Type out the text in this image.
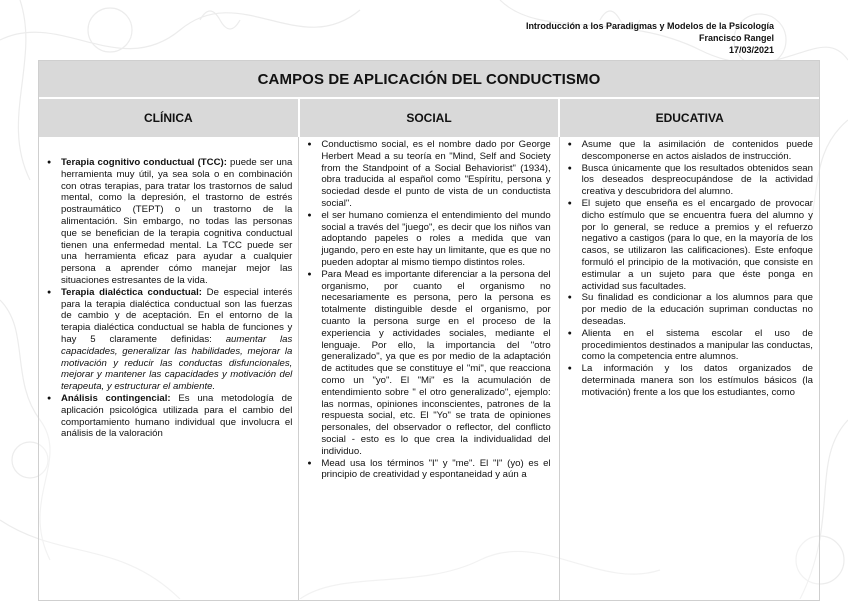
Introducción a los Paradigmas y Modelos de la Psicología
Francisco Rangel
17/03/2021
CAMPOS DE APLICACIÓN DEL CONDUCTISMO
CLÍNICA	SOCIAL	EDUCATIVA
● Terapia cognitivo conductual (TCC): puede ser una herramienta muy útil, ya sea sola o en combinación con otras terapias, para tratar los trastornos de salud mental, como la depresión, el trastorno de estrés postraumático (TEPT) o un trastorno de la alimentación. Sin embargo, no todas las personas que se benefician de la terapia cognitiva conductual tienen una enfermedad mental. La TCC puede ser una herramienta eficaz para ayudar a cualquier persona a aprender cómo manejar mejor las situaciones estresantes de la vida.
● Terapia dialéctica conductual: De especial interés para la terapia dialéctica conductual son las fuerzas de cambio y de aceptación. En el entorno de la terapia dialéctica conductual se habla de funciones y hay 5 claramente definidas: aumentar las capacidades, generalizar las habilidades, mejorar la motivación y reducir las conductas disfuncionales, mejorar y mantener las capacidades y motivación del terapeuta, y estructurar el ambiente.
● Análisis contingencial: Es una metodología de aplicación psicológica utilizada para el cambio del comportamiento humano individual que involucra el análisis de la valoración
● Conductismo social, es el nombre dado por George Herbert Mead a su teoría en "Mind, Self and Society from the Standpoint of a Social Behaviorist" (1934), obra traducida al español como "Espíritu, persona y sociedad desde el punto de vista de un conductista social".
● el ser humano comienza el entendimiento del mundo social a través del "juego", es decir que los niños van adoptando papeles o roles a medida que van jugando, pero en este hay un limitante, que es que no pueden adoptar al mismo tiempo distintos roles.
● Para Mead es importante diferenciar a la persona del organismo, por cuanto el organismo no necesariamente es persona, pero la persona es totalmente distinguible desde el organismo, por cuanto la persona surge en el proceso de la experiencia y actividades sociales, mediante el lenguaje. Por ello, la importancia del "otro generalizado", ya que es por medio de la adaptación de actitudes que se constituye el "mi", que reacciona como un "yo". El "Mi" es la acumulación de entendimiento sobre " el otro generalizado", ejemplo: las normas, opiniones inconscientes, patrones de la respuesta social, etc. El "Yo" se trata de opiniones personales, del observador o reflector, del conflicto social - esto es lo que crea la individualidad del individuo.
● Mead usa los términos "I" y "me". El "I" (yo) es el principio de creatividad y espontaneidad y aún a
● Asume que la asimilación de contenidos puede descomponerse en actos aislados de instrucción.
● Busca únicamente que los resultados obtenidos sean los deseados despreocupándose de la actividad creativa y descubridora del alumno.
● El sujeto que enseña es el encargado de provocar dicho estímulo que se encuentra fuera del alumno y por lo general, se reduce a premios y el refuerzo negativo a castigos (para lo que, en la mayoría de los casos, se utilizaron las calificaciones). Este enfoque formuló el principio de la motivación, que consiste en estimular a un sujeto para que éste ponga en actividad sus facultades.
● Su finalidad es condicionar a los alumnos para que por medio de la educación supriman conductas no deseadas.
● Alienta en el sistema escolar el uso de procedimientos destinados a manipular las conductas, como la competencia entre alumnos.
● La información y los datos organizados de determinada manera son los estímulos básicos (la motivación) frente a los que los estudiantes, como
